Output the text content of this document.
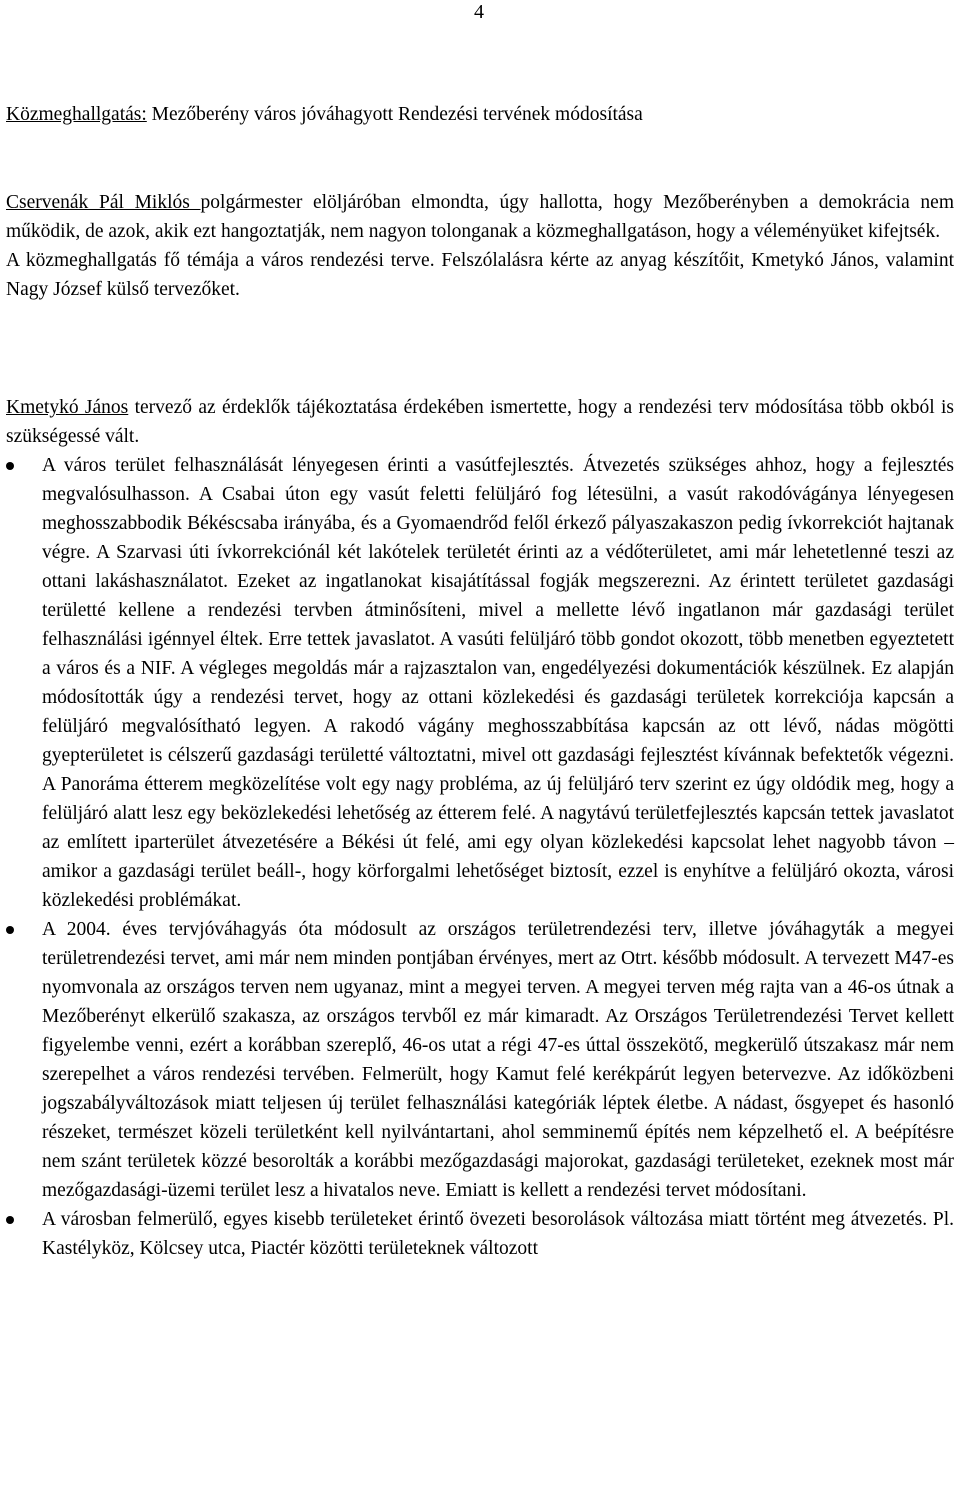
4
Közmeghallgatás: Mezőberény város jóváhagyott Rendezési tervének módosítása

Cservenák Pál Miklós polgármester elöljáróban elmondta, úgy hallotta, hogy Mezőberényben a demokrácia nem működik, de azok, akik ezt hangoztatják, nem nagyon tolonganak a közmeghallgatáson, hogy a véleményüket kifejtsék.

A közmeghallgatás fő témája a város rendezési terve. Felszólalásra kérte az anyag készítőit, Kmetykó János, valamint Nagy József külső tervezőket.

Kmetykó János tervező az érdeklők tájékoztatása érdekében ismertette, hogy a rendezési terv módosítása több okból is szükségessé vált.

A város terület felhasználását lényegesen érinti a vasútfejlesztés. Átvezetés szükséges ahhoz, hogy a fejlesztés megvalósulhasson. A Csabai úton egy vasút feletti felüljáró fog létesülni, a vasút rakodóvágánya lényegesen meghosszabbodik Békéscsaba irányába, és a Gyomaendrőd felől érkező pályaszakaszon pedig ívkorrekciót hajtanak végre. A Szarvasi úti ívkorrekciónál két lakótelek területét érinti az a védőterületet, ami már lehetetlenné teszi az ottani lakáshasználatot. Ezeket az ingatlanokat kisajátítással fogják megszerezni. Az érintett területet gazdasági területté kellene a rendezési tervben átminősíteni, mivel a mellette lévő ingatlanon már gazdasági terület felhasználási igénnyel éltek. Erre tettek javaslatot. A vasúti felüljáró több gondot okozott, több menetben egyeztetett a város és a NIF. A végleges megoldás már a rajzasztalon van, engedélyezési dokumentációk készülnek. Ez alapján módosították úgy a rendezési tervet, hogy az ottani közlekedési és gazdasági területek korrekciója kapcsán a felüljáró megvalósítható legyen. A rakodó vágány meghosszabbítása kapcsán az ott lévő, nádas mögötti gyepterületet is célszerű gazdasági területté változtatni, mivel ott gazdasági fejlesztést kívánnak befektetők végezni. A Panoráma étterem megközelítése volt egy nagy probléma, az új felüljáró terv szerint ez úgy oldódik meg, hogy a felüljáró alatt lesz egy beközlekedési lehetőség az étterem felé. A nagytávú területfejlesztés kapcsán tettek javaslatot az említett iparterület átvezetésére a Békési út felé, ami egy olyan közlekedési kapcsolat lehet nagyobb távon – amikor a gazdasági terület beáll-, hogy körforgalmi lehetőséget biztosít, ezzel is enyhítve a felüljáró okozta, városi közlekedési problémákat.
A 2004. éves tervjóváhagyás óta módosult az országos területrendezési terv, illetve jóváhagyták a megyei területrendezési tervet, ami már nem minden pontjában érvényes, mert az Otrt. később módosult. A tervezett M47-es nyomvonala az országos terven nem ugyanaz, mint a megyei terven. A megyei terven még rajta van a 46-os útnak a Mezőberényt elkerülő szakasza, az országos tervből ez már kimaradt. Az Országos Területrendezési Tervet kellett figyelembe venni, ezért a korábban szereplő, 46-os utat a régi 47-es úttal összekötő, megkerülő útszakasz már nem szerepelhet a város rendezési tervében. Felmerült, hogy Kamut felé kerékpárút legyen betervezve. Az időközbeni jogszabályváltozások miatt teljesen új terület felhasználási kategóriák léptek életbe. A nádast, ősgyepet és hasonló részeket, természet közeli területként kell nyilvántartani, ahol semminemű építés nem képzelhető el. A beépítésre nem szánt területek közzé besorolták a korábbi mezőgazdasági majorokat, gazdasági területeket, ezeknek most már mezőgazdasági-üzemi terület lesz a hivatalos neve. Emiatt is kellett a rendezési tervet módosítani.
A városban felmerülő, egyes kisebb területeket érintő övezeti besorolások változása miatt történt meg átvezetés. Pl. Kastélyköz, Kölcsey utca, Piactér közötti területeknek változott
